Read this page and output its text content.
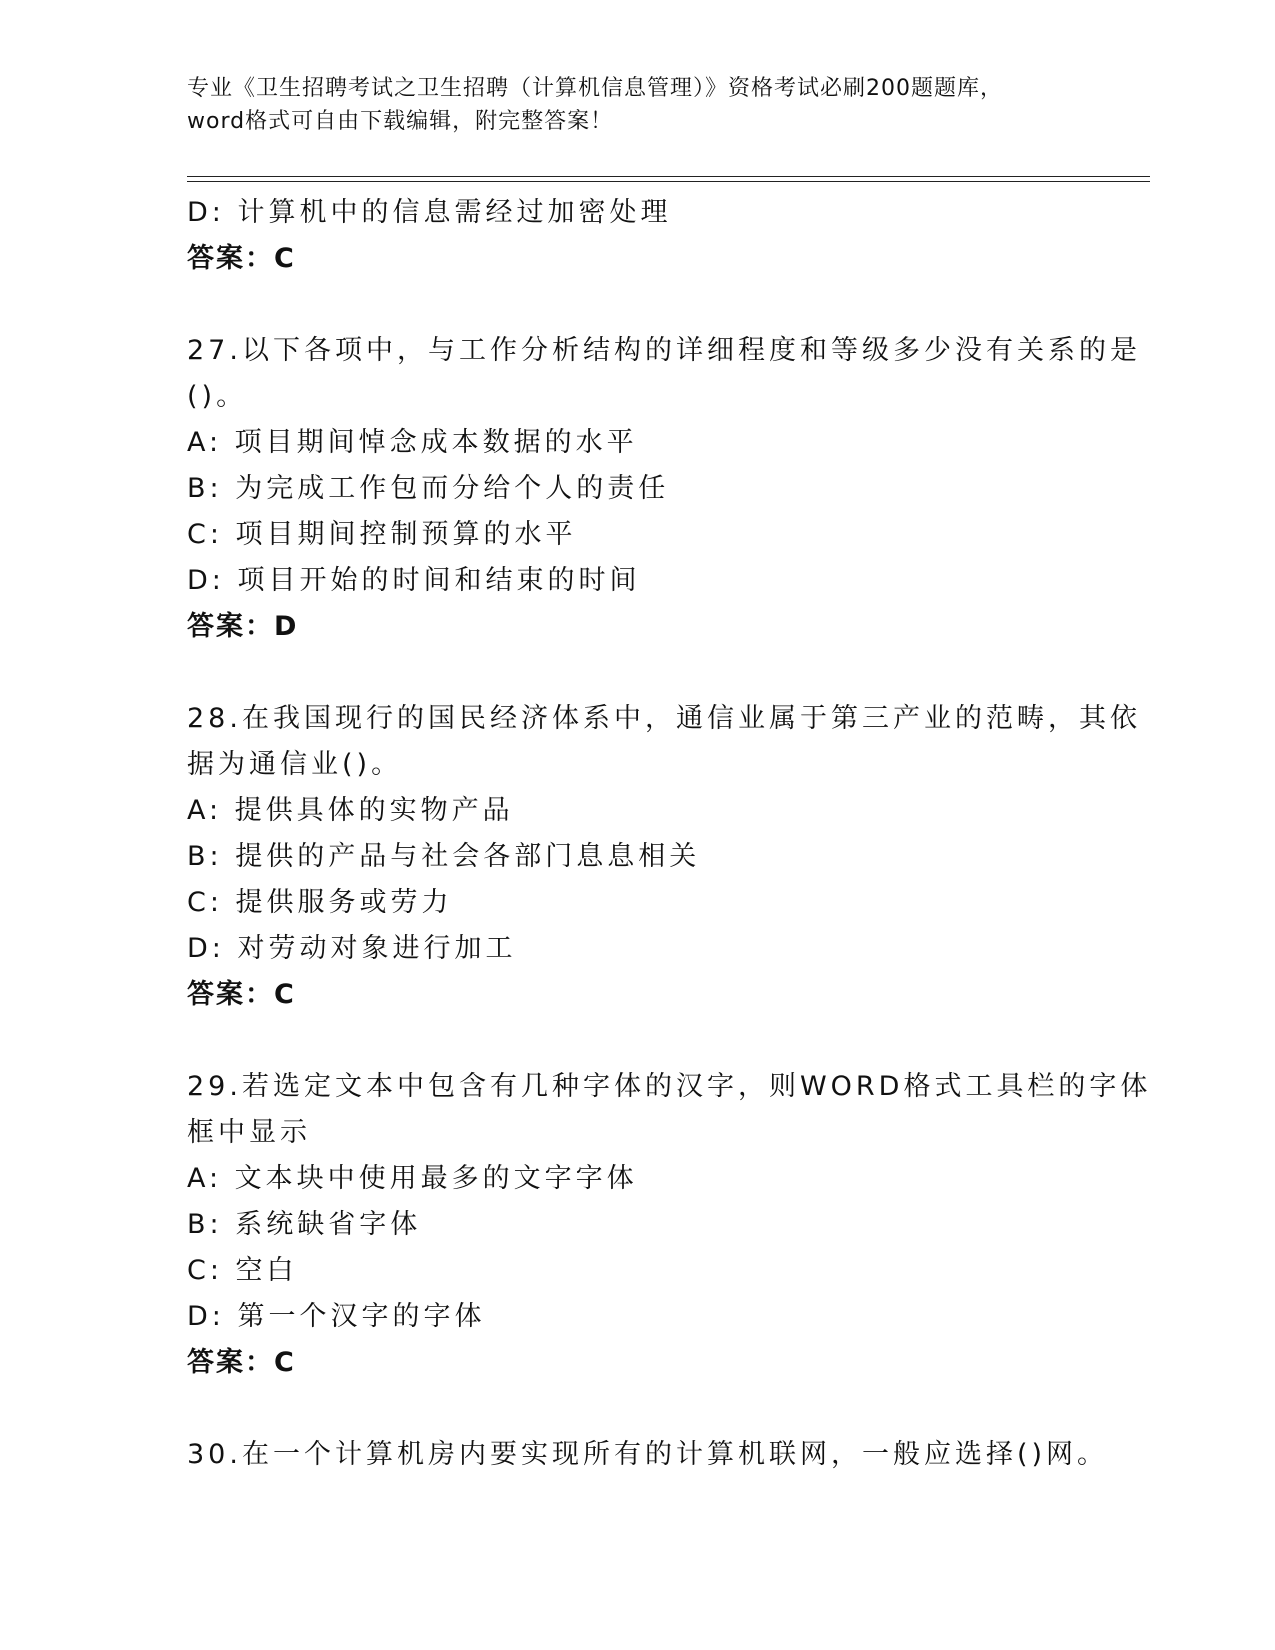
专业《卫生招聘考试之卫生招聘（计算机信息管理）》资格考试必刷200题题库，
word格式可自由下载编辑，附完整答案！
D: 计算机中的信息需经过加密处理
答案：C
27.以下各项中，与工作分析结构的详细程度和等级多少没有关系的是
()。
A: 项目期间悼念成本数据的水平
B: 为完成工作包而分给个人的责任
C: 项目期间控制预算的水平
D: 项目开始的时间和结束的时间
答案：D
28.在我国现行的国民经济体系中，通信业属于第三产业的范畴，其依
据为通信业()。
A: 提供具体的实物产品
B: 提供的产品与社会各部门息息相关
C: 提供服务或劳力
D: 对劳动对象进行加工
答案：C
29.若选定文本中包含有几种字体的汉字，则WORD格式工具栏的字体
框中显示
A: 文本块中使用最多的文字字体
B: 系统缺省字体
C: 空白
D: 第一个汉字的字体
答案：C
30.在一个计算机房内要实现所有的计算机联网，一般应选择()网。
